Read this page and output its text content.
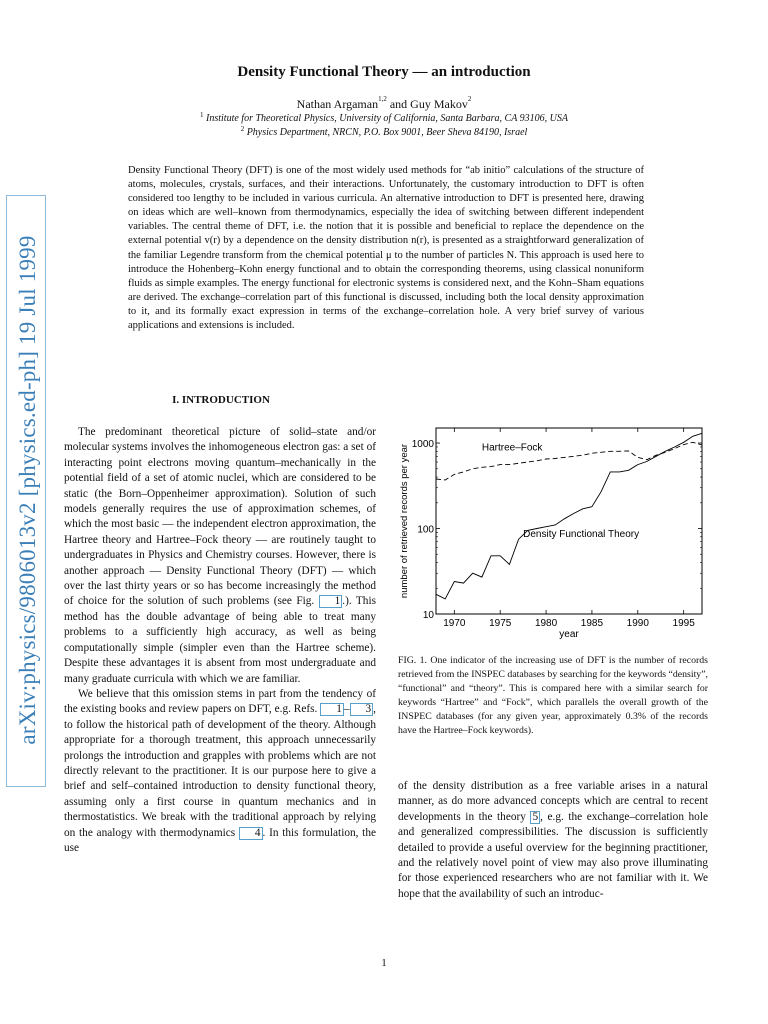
arXiv:physics/9806013v2 [physics.ed-ph] 19 Jul 1999
Density Functional Theory — an introduction
Nathan Argaman$^{1,2}$ and Guy Makov$^2$
$^1$ Institute for Theoretical Physics, University of California, Santa Barbara, CA 93106, USA
$^2$ Physics Department, NRCN, P.O. Box 9001, Beer Sheva 84190, Israel
Density Functional Theory (DFT) is one of the most widely used methods for “ab initio” calculations of the structure of atoms, molecules, crystals, surfaces, and their interactions. Unfortunately, the customary introduction to DFT is often considered too lengthy to be included in various curricula. An alternative introduction to DFT is presented here, drawing on ideas which are well–known from thermodynamics, especially the idea of switching between different independent variables. The central theme of DFT, i.e. the notion that it is possible and beneficial to replace the dependence on the external potential v(r) by a dependence on the density distribution n(r), is presented as a straightforward generalization of the familiar Legendre transform from the chemical potential μ to the number of particles N. This approach is used here to introduce the Hohenberg–Kohn energy functional and to obtain the corresponding theorems, using classical nonuniform fluids as simple examples. The energy functional for electronic systems is considered next, and the Kohn–Sham equations are derived. The exchange–correlation part of this functional is discussed, including both the local density approximation to it, and its formally exact expression in terms of the exchange–correlation hole. A very brief survey of various applications and extensions is included.
I. INTRODUCTION

The predominant theoretical picture of solid–state and/or molecular systems involves the inhomogeneous electron gas: a set of interacting point electrons moving quantum–mechanically in the potential field of a set of atomic nuclei, which are considered to be static (the Born–Oppenheimer approximation). Solution of such models generally requires the use of approximation schemes, of which the most basic — the independent electron approximation, the Hartree theory and Hartree–Fock theory — are routinely taught to undergraduates in Physics and Chemistry courses. However, there is another approach — Density Functional Theory (DFT) — which over the last thirty years or so has become increasingly the method of choice for the solution of such problems (see Fig. 1 .). This method has the double advantage of being able to treat many problems to a sufficiently high accuracy, as well as being computationally simple (simpler even than the Hartree scheme). Despite these advantages it is absent from most undergraduate and many graduate curricula with which we are familiar.

We believe that this omission stems in part from the tendency of the existing books and review papers on DFT, e.g. Refs. 1 – 3 , to follow the historical path of development of the theory. Although appropriate for a thorough treatment, this approach unnecessarily prolongs the introduction and grapples with problems which are not directly relevant to the practitioner. It is our purpose here to give a brief and self–contained introduction to density functional theory, assuming only a first course in quantum mechanics and in thermostatistics. We break with the traditional approach by relying on the analogy with thermodynamics 4 . In this formulation, the use

1970 1975 1980 1985 1990 1995
10
100
1000
year
number of retrieved records per year	Hartree–Fock
Density Functional Theory
FIG. 1. One indicator of the increasing use of DFT is the number of records retrieved from the INSPEC databases by searching for the keywords “density”, “functional” and “theory”. This is compared here with a similar search for keywords “Hartree” and “Fock”, which parallels the overall growth of the INSPEC databases (for any given year, approximately 0.3% of the records have the Hartree–Fock keywords).
of the density distribution as a free variable arises in a natural manner, as do more advanced concepts which are central to recent developments in the theory 5 , e.g. the exchange–correlation hole and generalized compressibilities. The discussion is sufficiently detailed to provide a useful overview for the beginning practitioner, and the relatively novel point of view may also prove illuminating for those experienced researchers who are not familiar with it. We hope that the availability of such an introduc-
1
